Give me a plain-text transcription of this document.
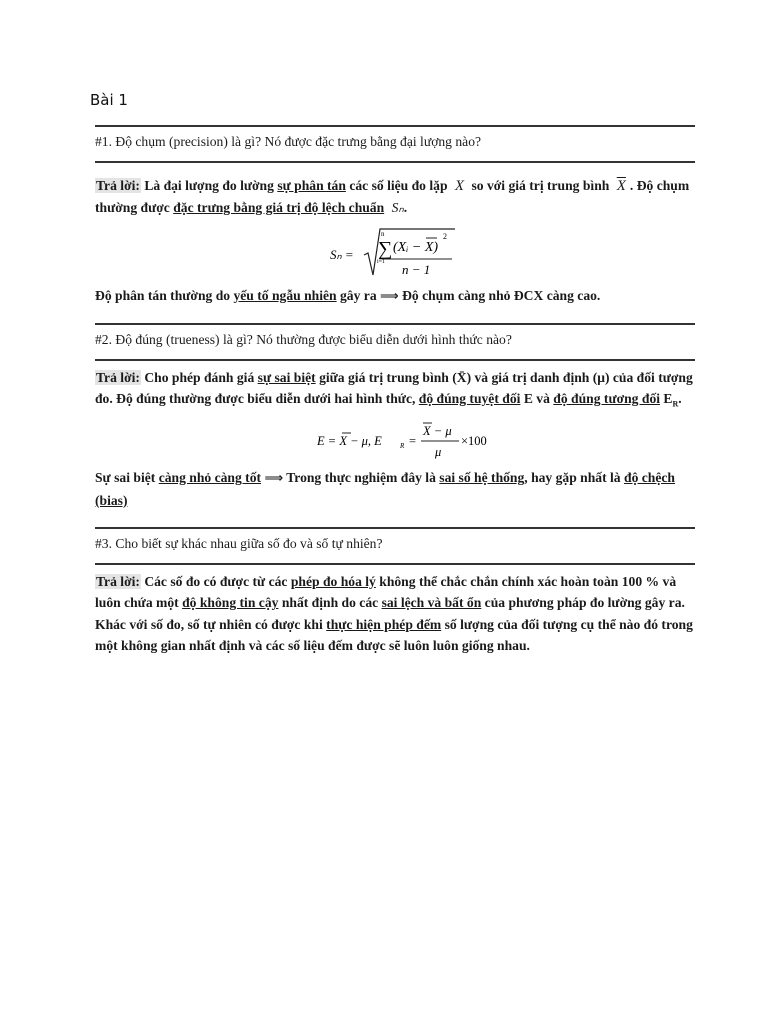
Bài 1
#1. Độ chụm (precision) là gì? Nó được đặc trưng bằng đại lượng nào?
Trả lời: Là đại lượng đo lường sự phân tán các số liệu đo lặp X so với giá trị trung bình $\overline{X}$ . Độ chụm thường được đặc trưng bằng giá trị độ lệch chuẩn Sₙ.
Sₙ =
n
∑
i=1
(Xᵢ − X)
2
n − 1
Độ phân tán thường do yếu tố ngẫu nhiên gây ra ⟹ Độ chụm càng nhỏ ĐCX càng cao.
#2. Độ đúng (trueness) là gì? Nó thường được biểu diễn dưới hình thức nào?
Trả lời: Cho phép đánh giá sự sai biệt giữa giá trị trung bình (X̄) và giá trị danh định (μ) của đối tượng đo. Độ đúng thường được biểu diễn dưới hai hình thức, độ đúng tuyệt đối E và độ đúng tương đối $E_R$.
E = X − μ, E	R =
X − μ
μ
×100
Sự sai biệt càng nhỏ càng tốt ⟹ Trong thực nghiệm đây là sai số hệ thống, hay gặp nhất là độ chệch (bias)
#3. Cho biết sự khác nhau giữa số đo và số tự nhiên?
Trả lời: Các số đo có được từ các phép đo hóa lý không thể chắc chắn chính xác hoàn toàn 100 % và luôn chứa một độ không tin cậy nhất định do các sai lệch và bất ổn của phương pháp đo lường gây ra. Khác với số đo, số tự nhiên có được khi thực hiện phép đếm số lượng của đối tượng cụ thể nào đó trong một không gian nhất định và các số liệu đếm được sẽ luôn luôn giống nhau.
